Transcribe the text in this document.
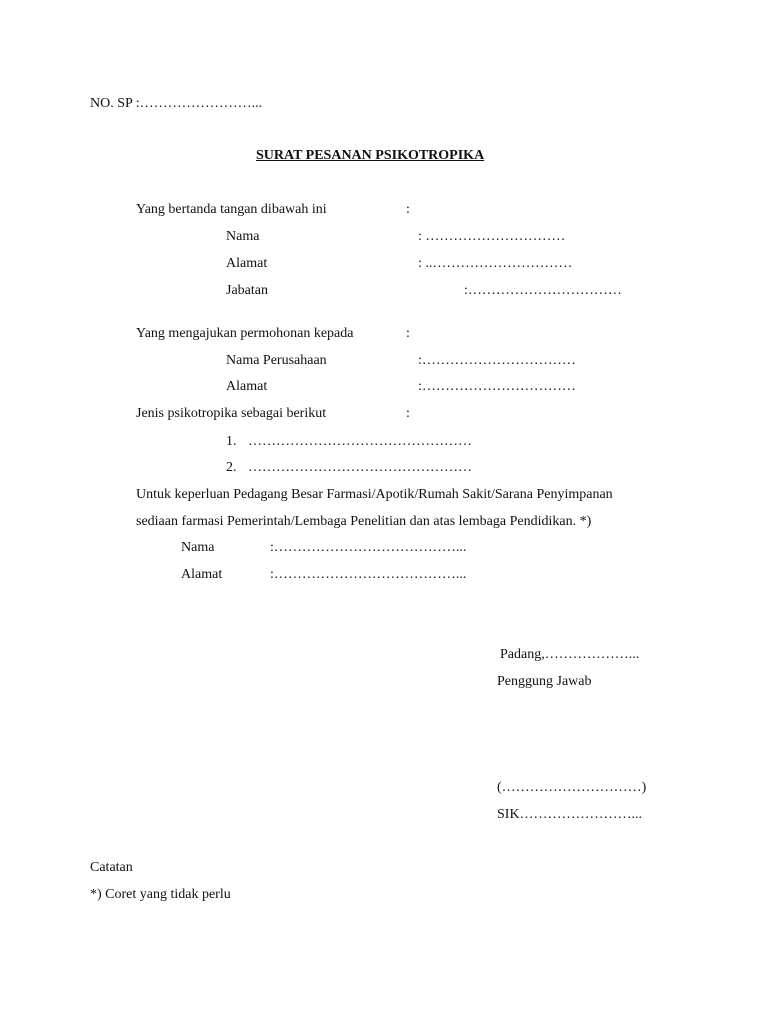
NO. SP :……………………...
SURAT PESANAN PSIKOTROPIKA
Yang bertanda tangan dibawah ini	:
Nama	: …………………………
Alamat	: ..…………………………
Jabatan	:……………………………
Yang mengajukan permohonan kepada	:
Nama Perusahaan	:……………………………
Alamat	:……………………………
Jenis psikotropika sebagai berikut	:
1. …………………………………………
2. …………………………………………
Untuk keperluan Pedagang Besar Farmasi/Apotik/Rumah Sakit/Sarana Penyimpanan
sediaan farmasi Pemerintah/Lembaga Penelitian dan atas lembaga Pendidikan. *)
Nama	:…………………………………...
Alamat	:…………………………………...
Padang,………………...
Penggung Jawab
(…………………………)
SIK……………………...
Catatan
*) Coret yang tidak perlu
